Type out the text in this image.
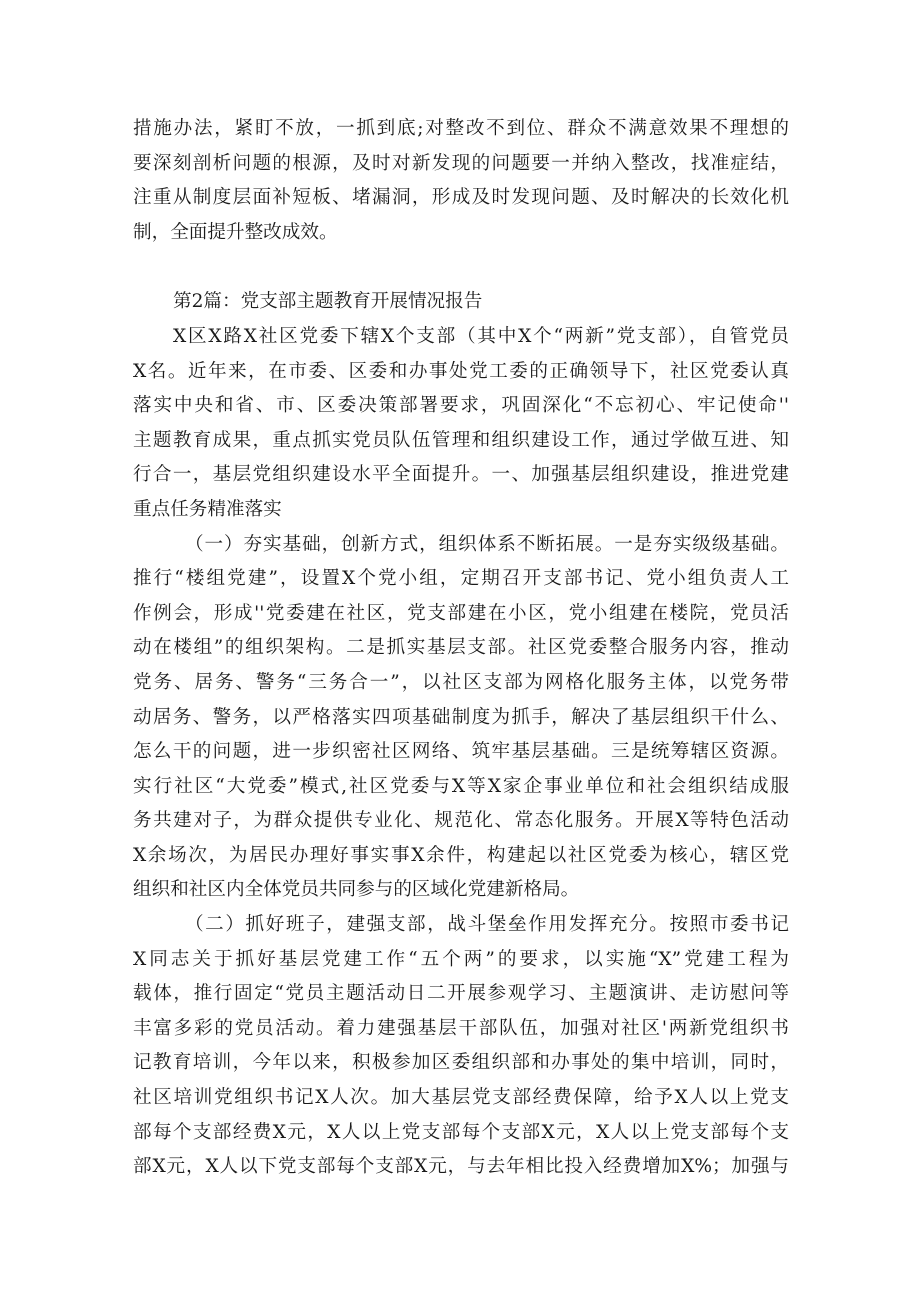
措施办法，紧盯不放，一抓到底;对整改不到位、群众不满意效果不理想的
要深刻剖析问题的根源，及时对新发现的问题要一并纳入整改，找准症结，
注重从制度层面补短板、堵漏洞，形成及时发现问题、及时解决的长效化机
制，全面提升整改成效。
第2篇：党支部主题教育开展情况报告
X区X路X社区党委下辖X个支部（其中X个“两新”党支部），自管党员
X名。近年来，在市委、区委和办事处党工委的正确领导下，社区党委认真
落实中央和省、市、区委决策部署要求，巩固深化“不忘初心、牢记使命''
主题教育成果，重点抓实党员队伍管理和组织建设工作，通过学做互进、知
行合一，基层党组织建设水平全面提升。一、加强基层组织建设，推进党建
重点任务精准落实
（一）夯实基础，创新方式，组织体系不断拓展。一是夯实级级基础。
推行“楼组党建”，设置X个党小组，定期召开支部书记、党小组负责人工
作例会，形成''党委建在社区，党支部建在小区，党小组建在楼院，党员活
动在楼组”的组织架构。二是抓实基层支部。社区党委整合服务内容，推动
党务、居务、警务“三务合一”，以社区支部为网格化服务主体，以党务带
动居务、警务，以严格落实四项基础制度为抓手，解决了基层组织干什么、
怎么干的问题，进一步织密社区网络、筑牢基层基础。三是统筹辖区资源。
实行社区“大党委”模式,社区党委与X等X家企事业单位和社会组织结成服
务共建对子，为群众提供专业化、规范化、常态化服务。开展X等特色活动
X余场次，为居民办理好事实事X余件，构建起以社区党委为核心，辖区党
组织和社区内全体党员共同参与的区域化党建新格局。
（二）抓好班子，建强支部，战斗堡垒作用发挥充分。按照市委书记
X同志关于抓好基层党建工作“五个两”的要求，以实施“X”党建工程为
载体，推行固定“党员主题活动日二开展参观学习、主题演讲、走访慰问等
丰富多彩的党员活动。着力建强基层干部队伍，加强对社区'两新党组织书
记教育培训，今年以来，积极参加区委组织部和办事处的集中培训，同时，
社区培训党组织书记X人次。加大基层党支部经费保障，给予X人以上党支
部每个支部经费X元，X人以上党支部每个支部X元，X人以上党支部每个支
部X元，X人以下党支部每个支部X元，与去年相比投入经费增加X%；加强与
